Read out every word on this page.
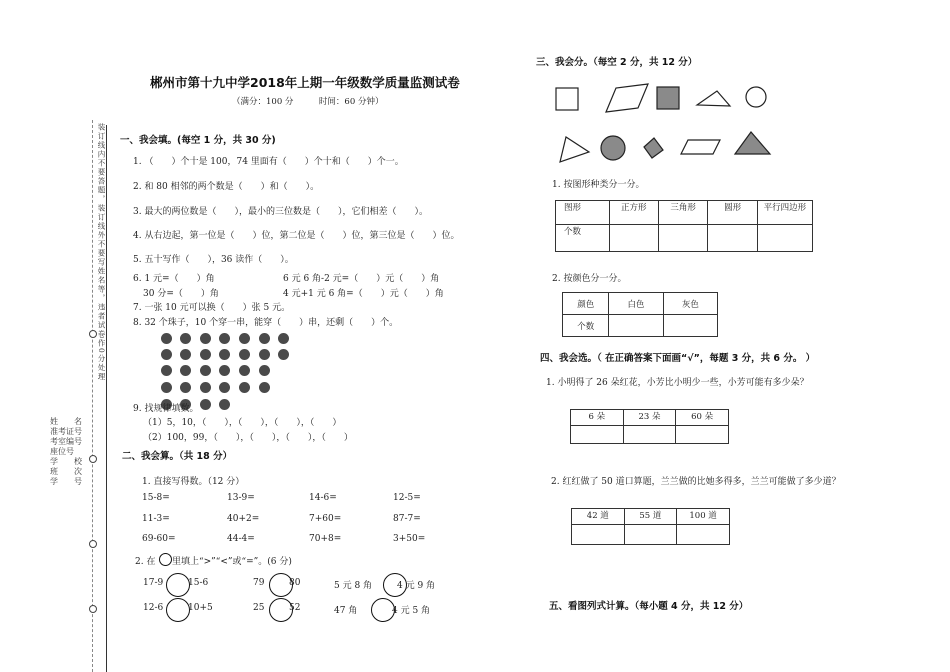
装订线内不要答题，装订线外不要写姓名等，违者试卷作0分处理
姓　　名
准考证号
考室编号
座位号
学　　校
班　　次
学　　号
郴州市第十九中学2018年上期一年级数学质量监测试卷
（满分：100 分　　　时间：60 分钟）
一、我会填。(每空 1 分，共 30 分)
1. （　　）个十是 100，74 里面有（　　）个十和（　　）个一。
2. 和 80 相邻的两个数是（　　）和（　　）。
3. 最大的两位数是（　　），最小的三位数是（　　），它们相差（　　）。
4. 从右边起，第一位是（　　）位，第二位是（　　）位，第三位是（　　）位。
5. 五十写作（　　），36 读作（　　）。
6. 1 元=（　　）角	6 元 6 角-2 元=（　　）元（　　）角
30 分=（　　）角	4 元+1 元 6 角=（　　）元（　　）角
7. 一张 10 元可以换（　　）张 5 元。
8. 32 个珠子，10 个穿一串，能穿（　　）串，还剩（　　）个。
9. 找规律填数。
（1）5，10，（　　），（　　），（　　），（　　）
（2）100，99，（　　），（　　），（　　），（　　）
二、我会算。（共 18 分）
1. 直接写得数。（12 分）
15-8=	13-9=	14-6=	12-5=
11-3=	40+2=	7+60=	87-7=
69-60=	44-4=	70+8=	3+50=
2. 在 里填上“>”“<”或“=”。(6 分)
17-9	15-6	79	80	5 元 8 角	4 元 9 角
12-6	10+5	25	52	47 角	4 元 5 角
三、我会分。（每空 2 分，共 12 分）
1. 按图形种类分一分。
图形	正方形	三角形	圆形	平行四边形
个数				
2. 按颜色分一分。
颜色	白色	灰色
个数		
四、我会选。（ 在正确答案下面画“√”，每题 3 分，共 6 分。 ）
1. 小明得了 26 朵红花，小芳比小明少一些，小芳可能有多少朵？
6 朵	23 朵	60 朵

2. 红红做了 50 道口算题，兰兰做的比她多得多，兰兰可能做了多少道？
42 道	55 道	100 道

五、看图列式计算。（每小题 4 分，共 12 分）
